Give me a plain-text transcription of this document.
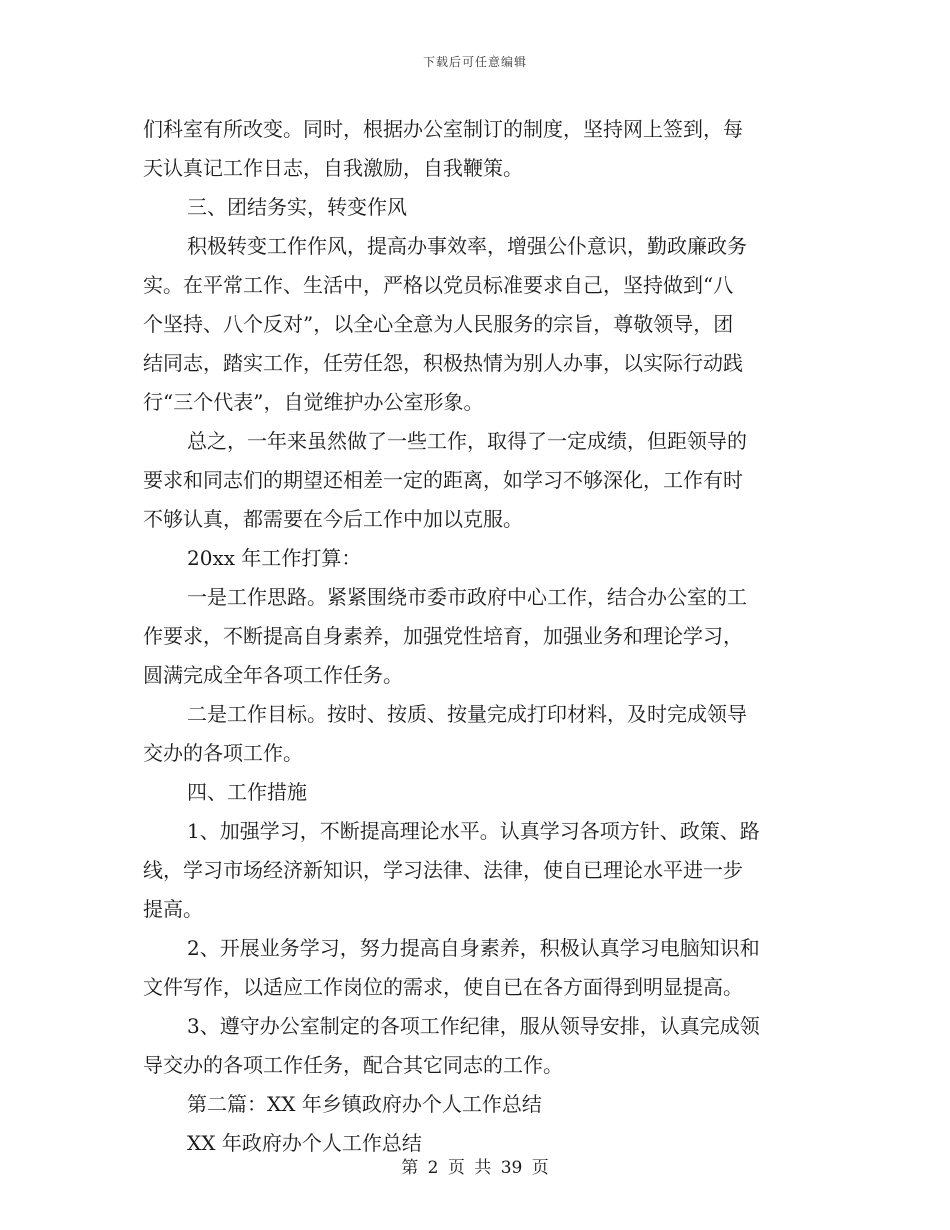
下载后可任意编辑
们科室有所改变。同时，根据办公室制订的制度，坚持网上签到，每
天认真记工作日志，自我激励，自我鞭策。
三、团结务实，转变作风
积极转变工作作风，提高办事效率，增强公仆意识，勤政廉政务
实。在平常工作、生活中，严格以党员标准要求自己，坚持做到“八
个坚持、八个反对”，以全心全意为人民服务的宗旨，尊敬领导，团
结同志，踏实工作，任劳任怨，积极热情为别人办事，以实际行动践
行“三个代表”，自觉维护办公室形象。
总之，一年来虽然做了一些工作，取得了一定成绩，但距领导的
要求和同志们的期望还相差一定的距离，如学习不够深化，工作有时
不够认真，都需要在今后工作中加以克服。
20xx 年工作打算：
一是工作思路。紧紧围绕市委市政府中心工作，结合办公室的工
作要求，不断提高自身素养，加强党性培育，加强业务和理论学习，
圆满完成全年各项工作任务。
二是工作目标。按时、按质、按量完成打印材料，及时完成领导
交办的各项工作。
四、工作措施
1、加强学习，不断提高理论水平。认真学习各项方针、政策、路
线，学习市场经济新知识，学习法律、法律，使自已理论水平进一步
提高。
2、开展业务学习，努力提高自身素养，积极认真学习电脑知识和
文件写作，以适应工作岗位的需求，使自已在各方面得到明显提高。
3、遵守办公室制定的各项工作纪律，服从领导安排，认真完成领
导交办的各项工作任务，配合其它同志的工作。
第二篇：XX 年乡镇政府办个人工作总结
XX 年政府办个人工作总结
第 2 页 共 39 页
